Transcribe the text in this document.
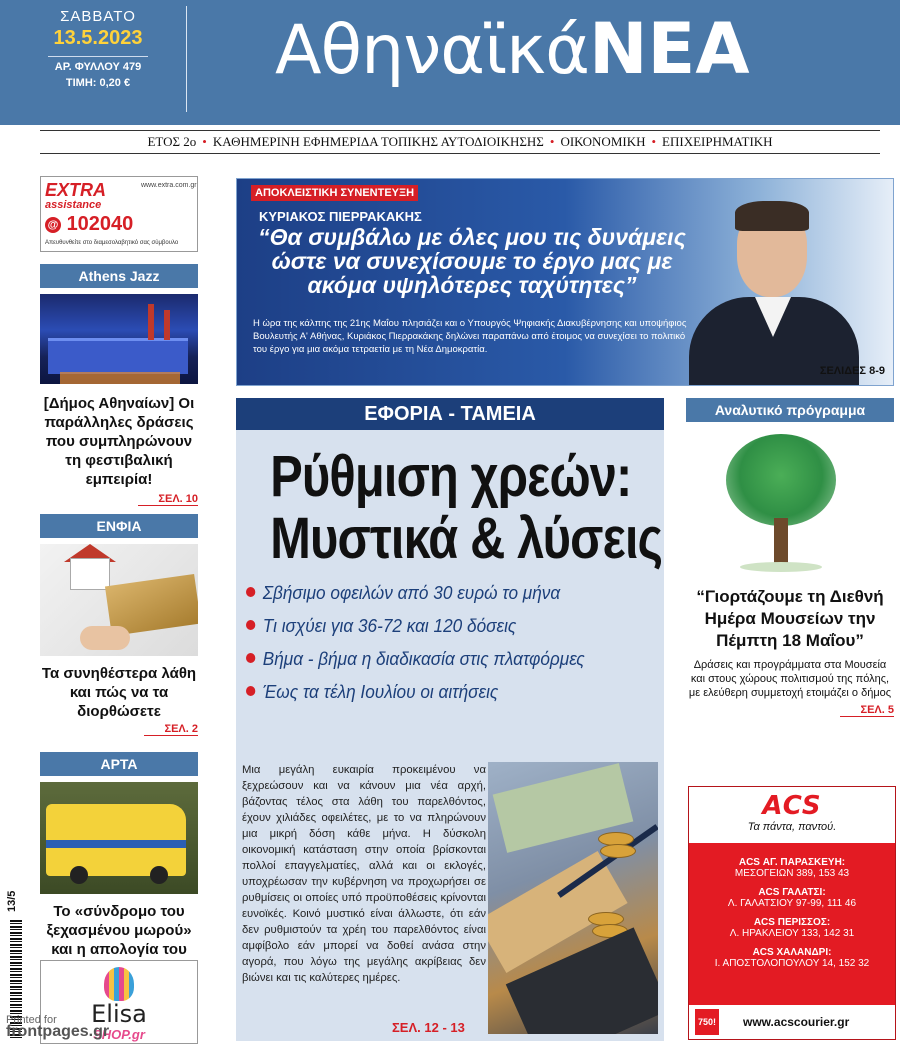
ΣΑΒΒΑΤΟ
13.5.2023
ΑΡ. ΦΥΛΛΟΥ 479
ΤΙΜΗ: 0,20 €	ΑθηναϊκάΝΕΑ
ΕΤΟΣ 2ο • ΚΑΘΗΜΕΡΙΝΗ ΕΦΗΜΕΡΙΔΑ ΤΟΠΙΚΗΣ ΑΥΤΟΔΙΟΙΚΗΣΗΣ • ΟΙΚΟΝΟΜΙΚΗ • ΕΠΙΧΕΙΡΗΜΑΤΙΚΗ
EXTRA
assistance
@ 102040
www.extra.com.gr
Απευθυνθείτε στο διαμεσολαβητικό σας σύμβουλο
Athens Jazz
[Δήμος Αθηναίων] Οι παράλληλες δράσεις που συμπληρώνουν τη φεστιβαλική εμπειρία!
ΣΕΛ. 10
ΕΝΦΙΑ
Τα συνηθέστερα λάθη και πώς να τα διορθώσετε
ΣΕΛ. 2
ΑΡΤΑ
Το «σύνδρομο του ξεχασμένου μωρού» και η απολογία του
Elisa
SHOP.gr
13/5
Printed for
frontpages.gr
ΑΠΟΚΛΕΙΣΤΙΚΗ ΣΥΝΕΝΤΕΥΞΗ
ΚΥΡΙΑΚΟΣ ΠΙΕΡΡΑΚΑΚΗΣ
“Θα συμβάλω με όλες μου τις δυνάμεις ώστε να συνεχίσουμε το έργο μας με ακόμα υψηλότερες ταχύτητες”
Η ώρα της κάλπης της 21ης Μαΐου πλησιάζει και ο Υπουργός Ψηφιακής Διακυβέρνησης και υποψήφιος Βουλευτής Α' Αθήνας, Κυριάκος Πιερρακάκης δηλώνει παραπάνω από έτοιμος να συνεχίσει το πολιτικό του έργο για μια ακόμα τετραετία με τη Νέα Δημοκρατία.
ΣΕΛΙΔΕΣ 8-9
ΕΦΟΡΙΑ - ΤΑΜΕΙΑ
Ρύθμιση χρεών:
Μυστικά & λύσεις
Σβήσιμο οφειλών από 30 ευρώ το μήνα
Τι ισχύει για 36-72 και 120 δόσεις
Βήμα - βήμα η διαδικασία στις πλατφόρμες
Έως τα τέλη Ιουλίου οι αιτήσεις
Μια μεγάλη ευκαιρία προκειμένου να ξεχρεώσουν και να κάνουν μια νέα αρχή, βάζοντας τέλος στα λάθη του παρελθόντος, έχουν χιλιάδες οφειλέτες, με το να πληρώνουν μια μικρή δόση κάθε μήνα. Η δύσκολη οικονομική κατάσταση στην οποία βρίσκονται πολλοί επαγγελματίες, αλλά και οι εκλογές, υποχρέωσαν την κυβέρνηση να προχωρήσει σε ρυθμίσεις οι οποίες υπό προϋποθέσεις κρίνονται ευνοϊκές. Κοινό μυστικό είναι άλλωστε, ότι εάν δεν ρυθμιστούν τα χρέη του παρελθόντος είναι αμφίβολο εάν μπορεί να δοθεί ανάσα στην αγορά, που λόγω της μεγάλης ακρίβειας δεν βιώνει και τις καλύτερες ημέρες.
ΣΕΛ. 12 - 13
Αναλυτικό πρόγραμμα
“Γιορτάζουμε τη Διεθνή Ημέρα Μουσείων την Πέμπτη 18 Μαΐου”
Δράσεις και προγράμματα στα Μουσεία και στους χώρους πολιτισμού της πόλης, με ελεύθερη συμμετοχή ετοιμάζει ο δήμος
ΣΕΛ. 5
ACS
Τα πάντα, παντού.
ACS ΑΓ. ΠΑΡΑΣΚΕΥΗ:
ΜΕΣΟΓΕΙΩΝ 389, 153 43
ACS ΓΑΛΑΤΣΙ:
Λ. ΓΑΛΑΤΣΙΟΥ 97-99, 111 46
ACS ΠΕΡΙΣΣΟΣ:
Λ. ΗΡΑΚΛΕΙΟΥ 133, 142 31
ACS ΧΑΛΑΝΔΡΙ:
Ι. ΑΠΟΣΤΟΛΟΠΟΥΛΟΥ 14, 152 32
750! www.acscourier.gr
